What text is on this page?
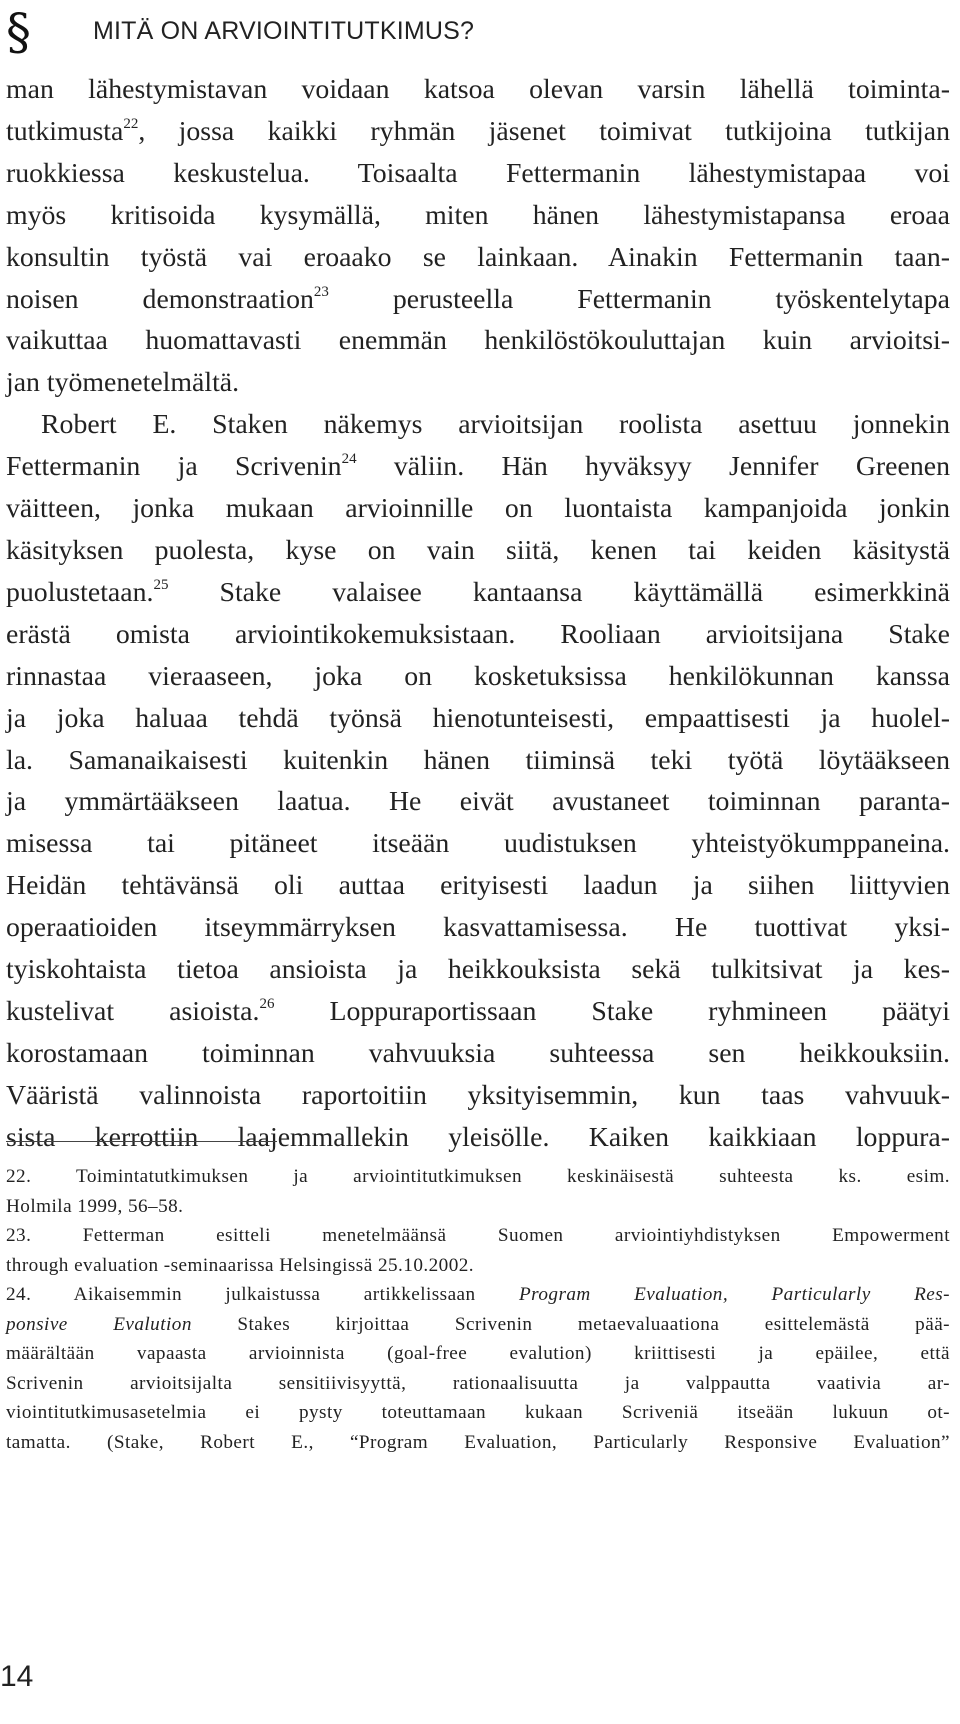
§ MITÄ ON ARVIOINTITUTKIMUS?

man lähestymistavan voidaan katsoa olevan varsin lähellä toiminta-
tutkimusta$^{22}$, jossa kaikki ryhmän jäsenet toimivat tutkijoina tutkijan
ruokkiessa keskustelua. Toisaalta Fettermanin lähestymistapaa voi
myös kritisoida kysymällä, miten hänen lähestymistapansa eroaa
konsultin työstä vai eroaako se lainkaan. Ainakin Fettermanin taan-
noisen demonstraation$^{23}$ perusteella Fettermanin työskentelytapa
vaikuttaa huomattavasti enemmän henkilöstökouluttajan kuin arvioitsi-
jan työmenetelmältä.

Robert E. Staken näkemys arvioitsijan roolista asettuu jonnekin
Fettermanin ja Scrivenin$^{24}$ väliin. Hän hyväksyy Jennifer Greenen
väitteen, jonka mukaan arvioinnille on luontaista kampanjoida jonkin
käsityksen puolesta, kyse on vain siitä, kenen tai keiden käsitystä
puolustetaan.$^{25}$ Stake valaisee kantaansa käyttämällä esimerkkinä
erästä omista arviointikokemuksistaan. Rooliaan arvioitsijana Stake
rinnastaa vieraaseen, joka on kosketuksissa henkilökunnan kanssa
ja joka haluaa tehdä työnsä hienotunteisesti, empaattisesti ja huolel-
la. Samanaikaisesti kuitenkin hänen tiiminsä teki työtä löytääkseen
ja ymmärtääkseen laatua. He eivät avustaneet toiminnan paranta-
misessa tai pitäneet itseään uudistuksen yhteistyökumppaneina.
Heidän tehtävänsä oli auttaa erityisesti laadun ja siihen liittyvien
operaatioiden itseymmärryksen kasvattamisessa. He tuottivat yksi-
tyiskohtaista tietoa ansioista ja heikkouksista sekä tulkitsivat ja kes-
kustelivat asioista.$^{26}$ Loppuraportissaan Stake ryhmineen päätyi
korostamaan toiminnan vahvuuksia suhteessa sen heikkouksiin.
Vääristä valinnoista raportoitiin yksityisemmin, kun taas vahvuuk-
sista kerrottiin laajemmallekin yleisölle. Kaiken kaikkiaan loppura-

22. Toimintatutkimuksen ja arviointitutkimuksen keskinäisestä suhteesta ks. esim.
Holmila 1999, 56–58.
23. Fetterman esitteli menetelmäänsä Suomen arviointiyhdistyksen Empowerment
through evaluation -seminaarissa Helsingissä 25.10.2002.
24. Aikaisemmin julkaistussa artikkelissaan Program Evaluation, Particularly Res-
ponsive Evalution Stakes kirjoittaa Scrivenin metaevaluaationa esittelemästä pää-
määrältään vapaasta arvioinnista (goal-free evalution) kriittisesti ja epäilee, että
Scrivenin arvioitsijalta sensitiivisyyttä, rationaalisuutta ja valppautta vaativia ar-
viointitutkimusasetelmia ei pysty toteuttamaan kukaan Scriveniä itseään lukuun ot-
tamatta. (Stake, Robert E., “Program Evaluation, Particularly Responsive Evaluation”
14
